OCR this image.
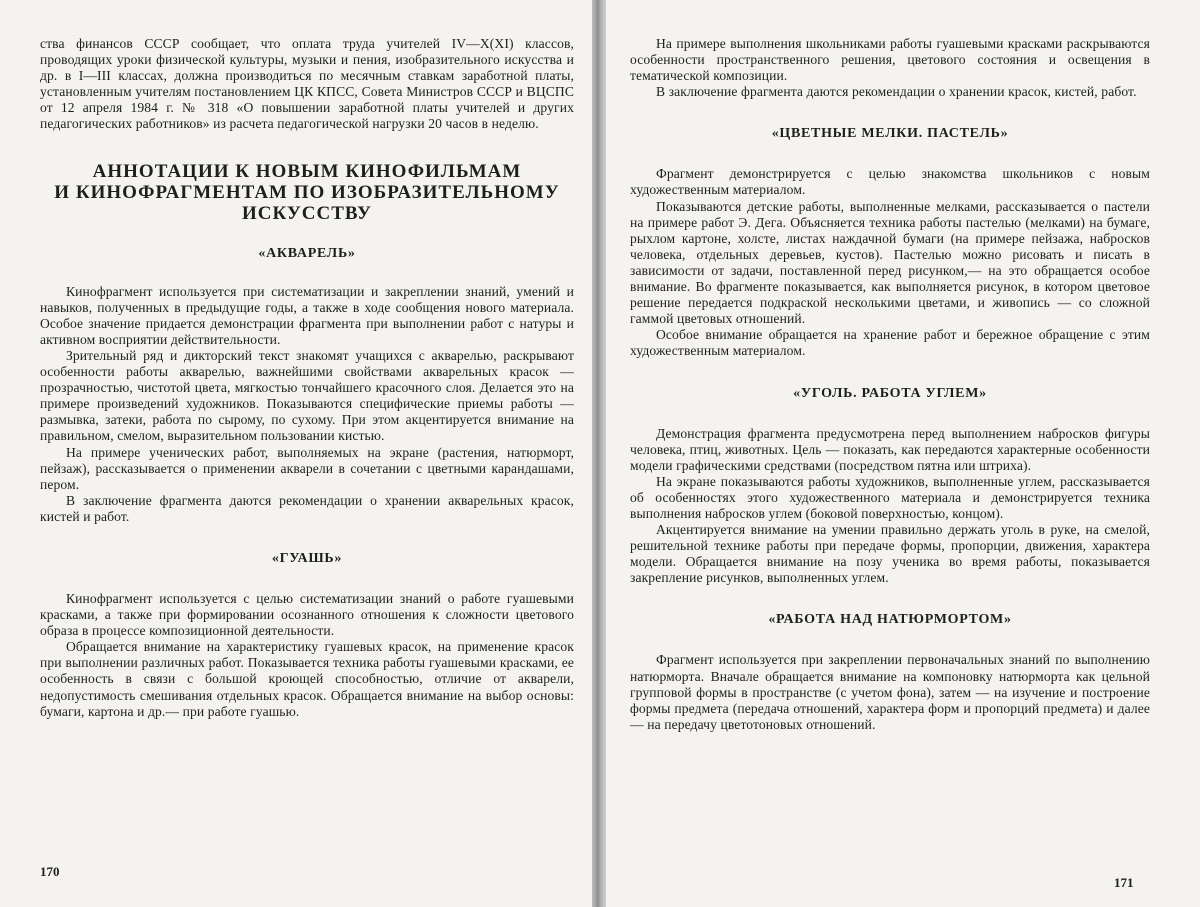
ства финансов СССР сообщает, что оплата труда учителей IV—X(XI) классов, проводящих уроки физической культуры, музыки и пения, изобразительного искусства и др. в I—III классах, должна производиться по месячным ставкам заработной платы, установленным учителям постановлением ЦК КПСС, Совета Министров СССР и ВЦСПС от 12 апреля 1984 г. № 318 «О повышении заработной платы учителей и других педагогических работников» из расчета педагогической нагрузки 20 часов в неделю.

АННОТАЦИИ К НОВЫМ КИНОФИЛЬМАМ
И КИНОФРАГМЕНТАМ ПО ИЗОБРАЗИТЕЛЬНОМУ
ИСКУССТВУ
«АКВАРЕЛЬ»

Кинофрагмент используется при систематизации и закреплении знаний, умений и навыков, полученных в предыдущие годы, а также в ходе сообщения нового материала. Особое значение придается демонстрации фрагмента при выполнении работ с натуры и активном восприятии действительности.

Зрительный ряд и дикторский текст знакомят учащихся с акварелью, раскрывают особенности работы акварелью, важнейшими свойствами акварельных красок — прозрачностью, чистотой цвета, мягкостью тончайшего красочного слоя. Делается это на примере произведений художников. Показываются специфические приемы работы — размывка, затеки, работа по сырому, по сухому. При этом акцентируется внимание на правильном, смелом, выразительном пользовании кистью.

На примере ученических работ, выполняемых на экране (растения, натюрморт, пейзаж), рассказывается о применении акварели в сочетании с цветными карандашами, пером.

В заключение фрагмента даются рекомендации о хранении акварельных красок, кистей и работ.

«ГУАШЬ»

Кинофрагмент используется с целью систематизации знаний о работе гуашевыми красками, а также при формировании осознанного отношения к сложности цветового образа в процессе композиционной деятельности.

Обращается внимание на характеристику гуашевых красок, на применение красок при выполнении различных работ. Показывается техника работы гуашевыми красками, ее особенность в связи с большой кроющей способностью, отличие от акварели, недопустимость смешивания отдельных красок. Обращается внимание на выбор основы: бумаги, картона и др.— при работе гуашью.

170

На примере выполнения школьниками работы гуашевыми красками раскрываются особенности пространственного решения, цветового состояния и освещения в тематической композиции.

В заключение фрагмента даются рекомендации о хранении красок, кистей, работ.

«ЦВЕТНЫЕ МЕЛКИ. ПАСТЕЛЬ»

Фрагмент демонстрируется с целью знакомства школьников с новым художественным материалом.

Показываются детские работы, выполненные мелками, рассказывается о пастели на примере работ Э. Дега. Объясняется техника работы пастелью (мелками) на бумаге, рыхлом картоне, холсте, листах наждачной бумаги (на примере пейзажа, набросков человека, отдельных деревьев, кустов). Пастелью можно рисовать и писать в зависимости от задачи, поставленной перед рисунком,— на это обращается особое внимание. Во фрагменте показывается, как выполняется рисунок, в котором цветовое решение передается подкраской несколькими цветами, и живопись — со сложной гаммой цветовых отношений.

Особое внимание обращается на хранение работ и бережное обращение с этим художественным материалом.

«УГОЛЬ. РАБОТА УГЛЕМ»

Демонстрация фрагмента предусмотрена перед выполнением набросков фигуры человека, птиц, животных. Цель — показать, как передаются характерные особенности модели графическими средствами (посредством пятна или штриха).

На экране показываются работы художников, выполненные углем, рассказывается об особенностях этого художественного материала и демонстрируется техника выполнения набросков углем (боковой поверхностью, концом).

Акцентируется внимание на умении правильно держать уголь в руке, на смелой, решительной технике работы при передаче формы, пропорции, движения, характера модели. Обращается внимание на позу ученика во время работы, показывается закрепление рисунков, выполненных углем.

«РАБОТА НАД НАТЮРМОРТОМ»

Фрагмент используется при закреплении первоначальных знаний по выполнению натюрморта. Вначале обращается внимание на компоновку натюрморта как цельной групповой формы в пространстве (с учетом фона), затем — на изучение и построение формы предмета (передача отношений, характера форм и пропорций предмета) и далее — на передачу цветотоновых отношений.

171
